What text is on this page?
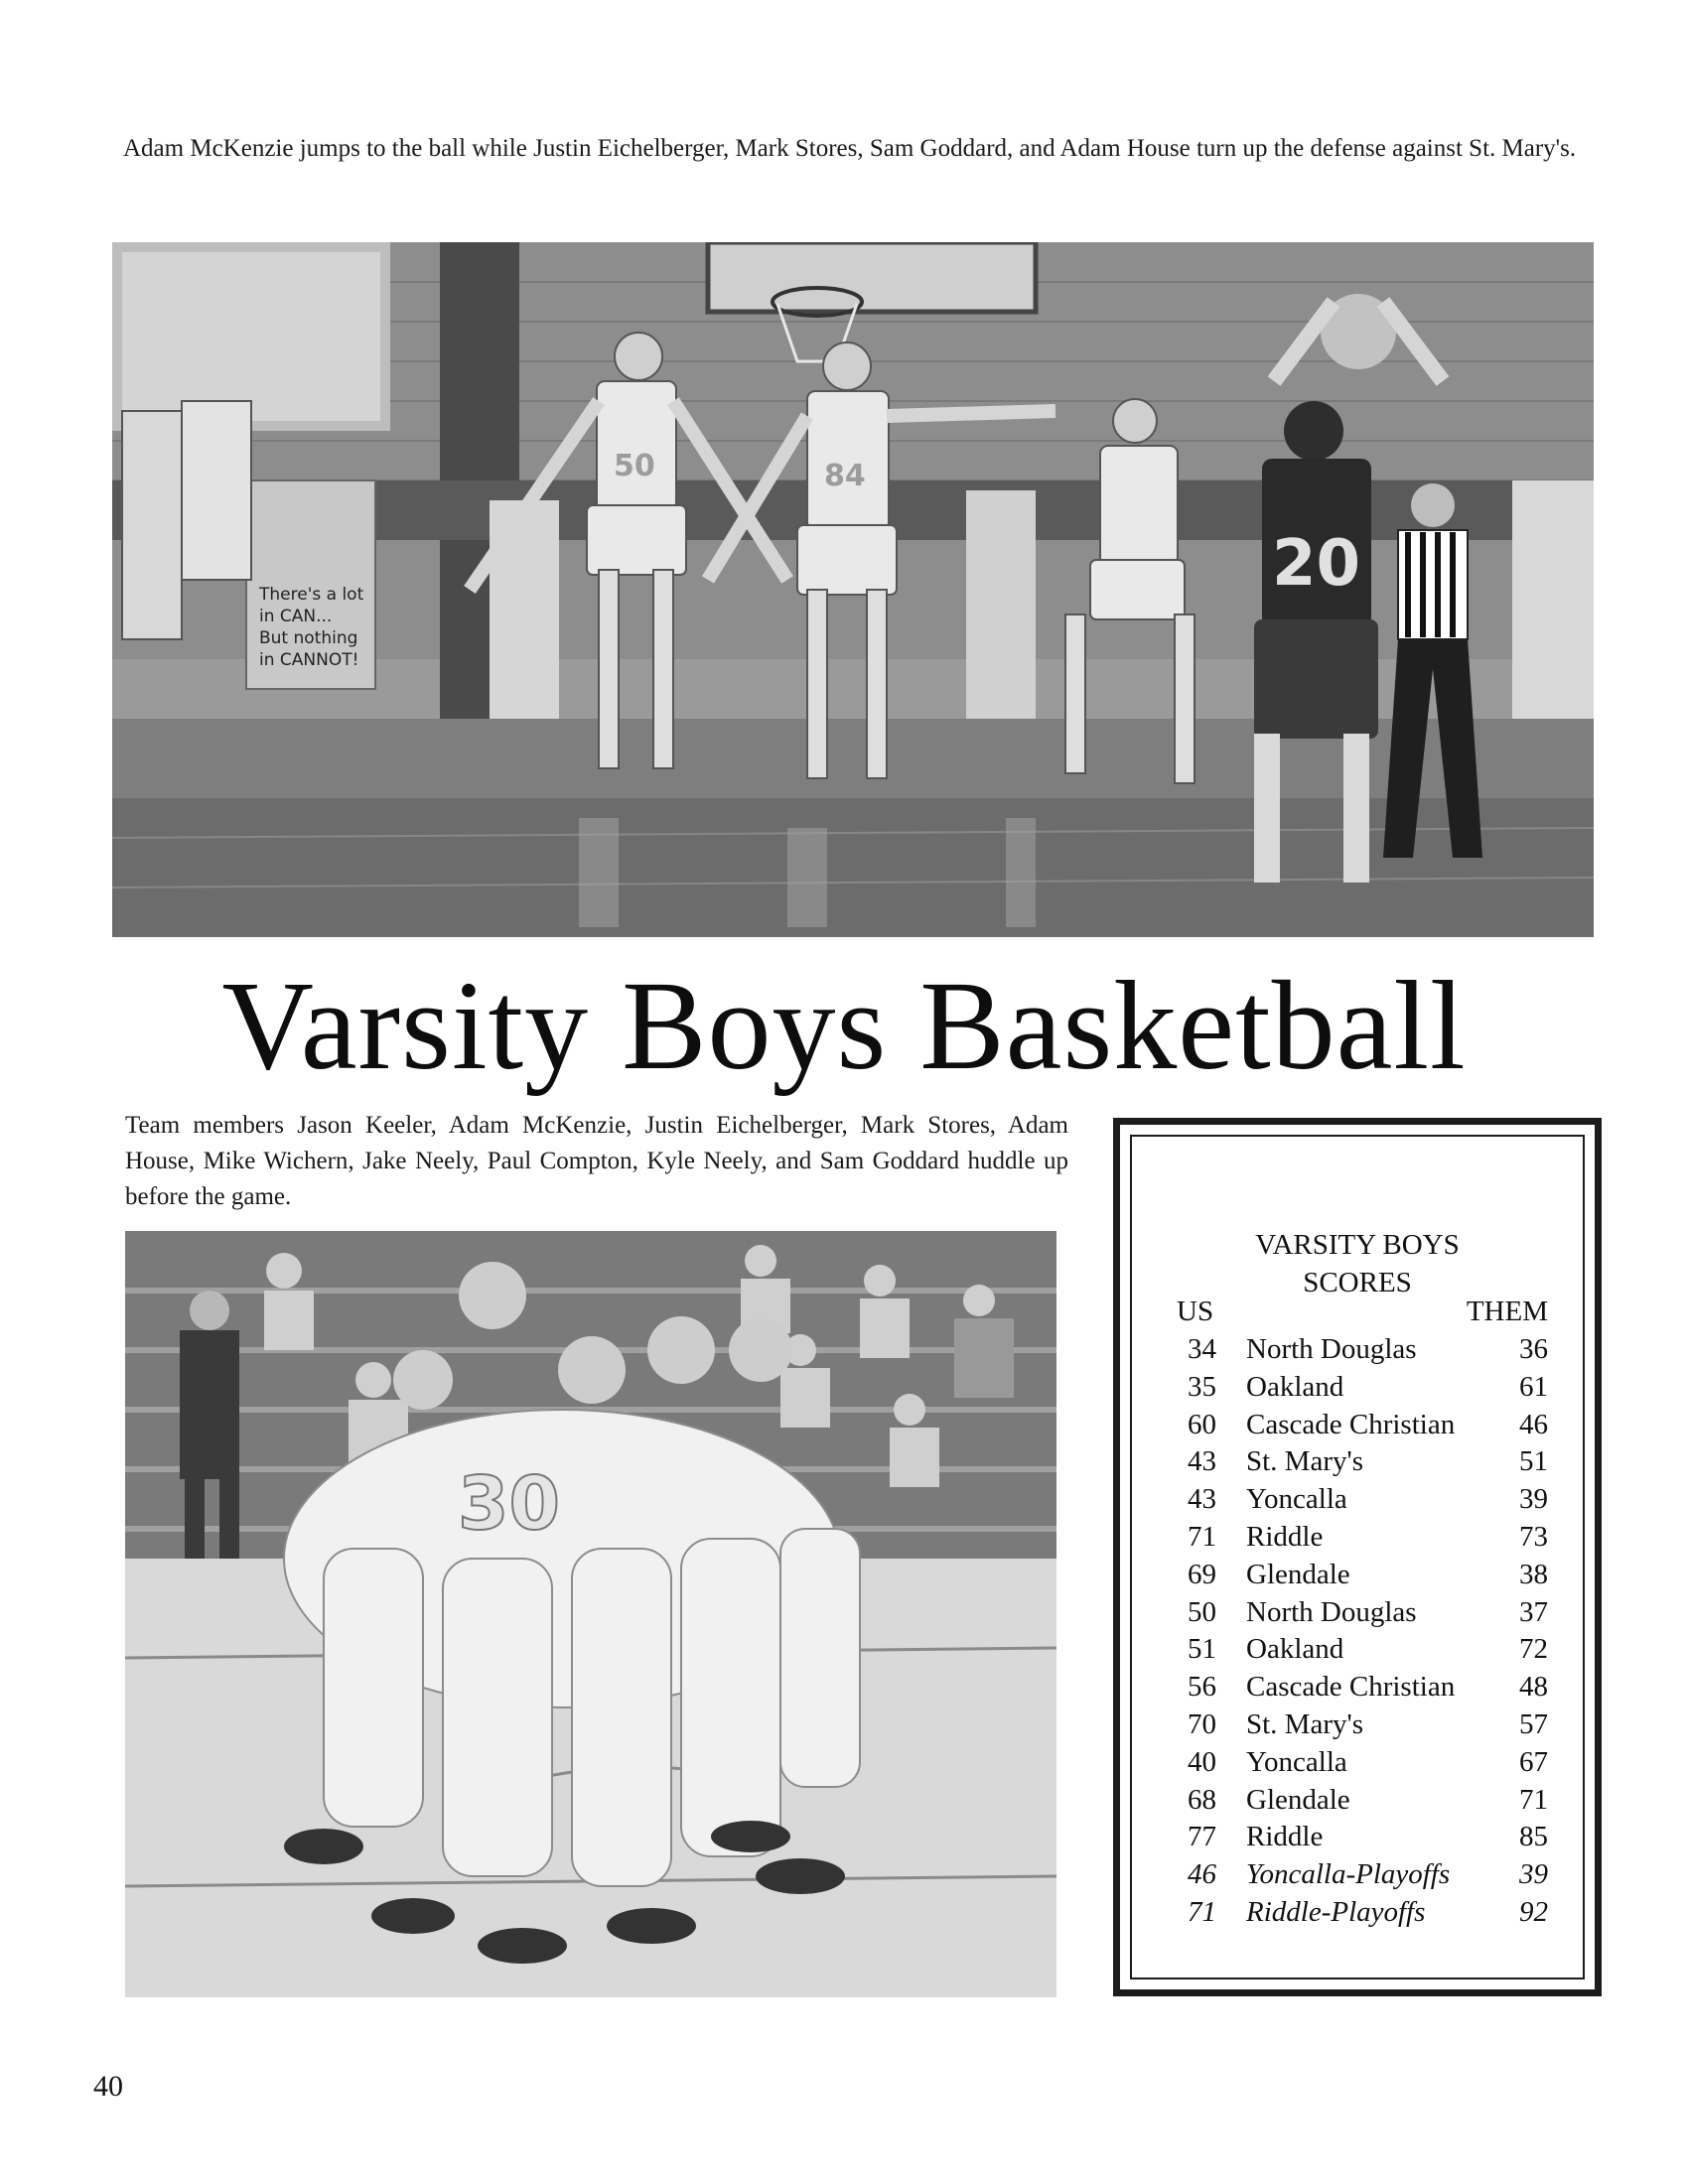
Adam McKenzie jumps to the ball while Justin Eichelberger, Mark Stores, Sam Goddard, and Adam House turn up the defense against St. Mary's.

There's a lot
in CAN...
But nothing
in CANNOT!
50	84
20
Varsity Boys Basketball

Team members Jason Keeler, Adam McKenzie, Justin Eichelberger, Mark Stores, Adam House, Mike Wichern, Jake Neely, Paul Compton, Kyle Neely, and Sam Goddard huddle up before the game.

30
VARSITY BOYS
SCORES
US	THEM
34	North Douglas	36
35	Oakland	61
60	Cascade Christian	46
43	St. Mary's	51
43	Yoncalla	39
71	Riddle	73
69	Glendale	38
50	North Douglas	37
51	Oakland	72
56	Cascade Christian	48
70	St. Mary's	57
40	Yoncalla	67
68	Glendale	71
77	Riddle	85
46	Yoncalla-Playoffs	39
71	Riddle-Playoffs	92

40
